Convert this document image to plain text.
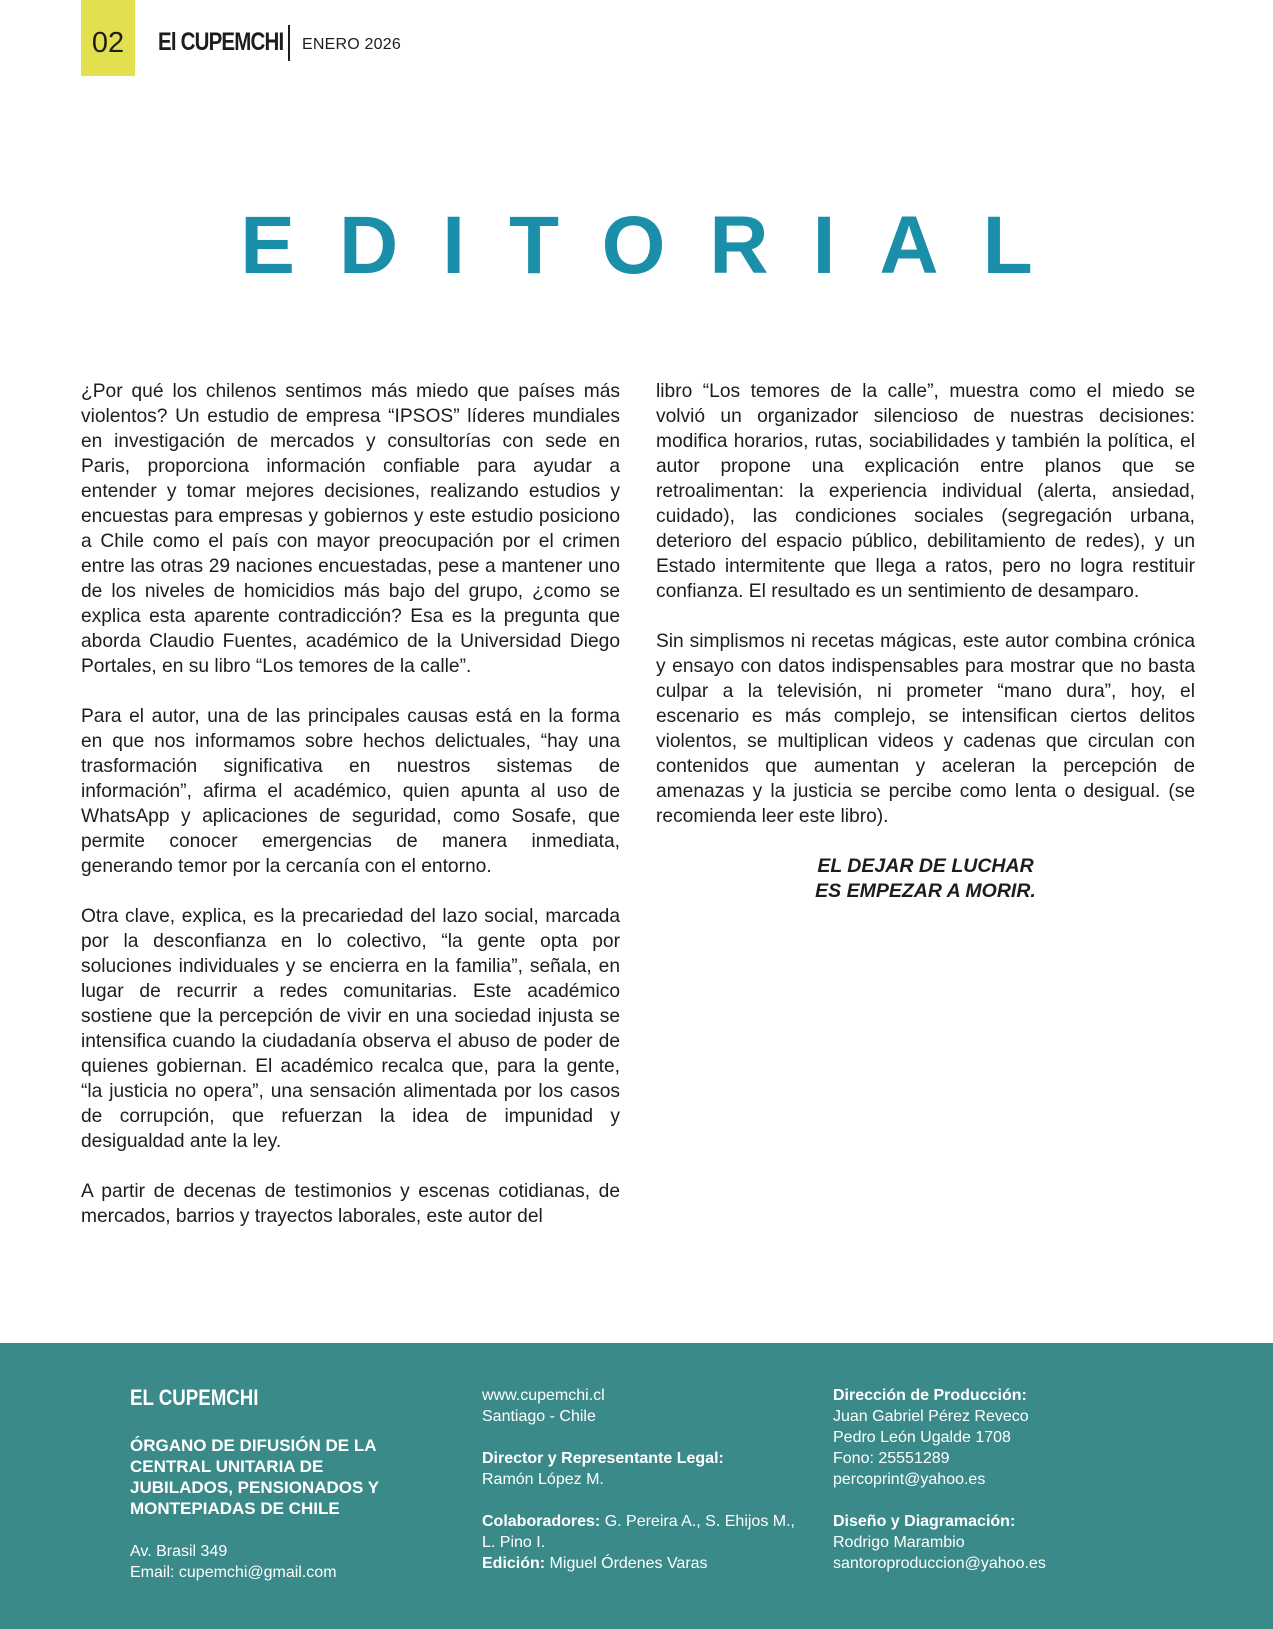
02	El CUPEMCHI ENERO 2026
EDITORIAL

¿Por qué los chilenos sentimos más miedo que países más violentos? Un estudio de empresa “IPSOS” líderes mundiales en investigación de mercados y consultorías con sede en Paris, proporciona información confiable para ayudar a entender y tomar mejores decisiones, realizando estudios y encuestas para empresas y gobiernos y este estudio posiciono a Chile como el país con mayor preocupación por el crimen entre las otras 29 naciones encuestadas, pese a mantener uno de los niveles de homicidios más bajo del grupo, ¿como se explica esta aparente contradicción? Esa es la pregunta que aborda Claudio Fuentes, académico de la Universidad Diego Portales, en su libro “Los temores de la calle”.

Para el autor, una de las principales causas está en la forma en que nos informamos sobre hechos delictuales, “hay una trasformación significativa en nuestros sistemas de información”, afirma el académico, quien apunta al uso de WhatsApp y aplicaciones de seguridad, como Sosafe, que permite conocer emergencias de manera inmediata, generando temor por la cercanía con el entorno.

Otra clave, explica, es la precariedad del lazo social, marcada por la desconfianza en lo colectivo, “la gente opta por soluciones individuales y se encierra en la familia”, señala, en lugar de recurrir a redes comunitarias. Este académico sostiene que la percepción de vivir en una sociedad injusta se intensifica cuando la ciudadanía observa el abuso de poder de quienes gobiernan. El académico recalca que, para la gente, “la justicia no opera”, una sensación alimentada por los casos de corrupción, que refuerzan la idea de impunidad y desigualdad ante la ley.

A partir de decenas de testimonios y escenas cotidianas, de mercados, barrios y trayectos laborales, este autor del

libro “Los temores de la calle”, muestra como el miedo se volvió un organizador silencioso de nuestras decisiones: modifica horarios, rutas, sociabilidades y también la política, el autor propone una explicación entre planos que se retroalimentan: la experiencia individual (alerta, ansiedad, cuidado), las condiciones sociales (segregación urbana, deterioro del espacio público, debilitamiento de redes), y un Estado intermitente que llega a ratos, pero no logra restituir confianza. El resultado es un sentimiento de desamparo.

Sin simplismos ni recetas mágicas, este autor combina crónica y ensayo con datos indispensables para mostrar que no basta culpar a la televisión, ni prometer “mano dura”, hoy, el escenario es más complejo, se intensifican ciertos delitos violentos, se multiplican videos y cadenas que circulan con contenidos que aumentan y aceleran la percepción de amenazas y la justicia se percibe como lenta o desigual. (se recomienda leer este libro).

EL DEJAR DE LUCHAR
ES EMPEZAR A MORIR.
EL CUPEMCHI
ÓRGANO DE DIFUSIÓN DE LA CENTRAL UNITARIA DE JUBILADOS, PENSIONADOS Y MONTEPIADAS DE CHILE
Av. Brasil 349
Email: cupemchi@gmail.com
www.cupemchi.cl
Santiago - Chile
Director y Representante Legal:
Ramón López M.
Colaboradores: G. Pereira A., S. Ehijos M., L. Pino I.
Edición: Miguel Órdenes Varas
Dirección de Producción:
Juan Gabriel Pérez Reveco
Pedro León Ugalde 1708
Fono: 25551289
percoprint@yahoo.es
Diseño y Diagramación:
Rodrigo Marambio
santoroproduccion@yahoo.es
